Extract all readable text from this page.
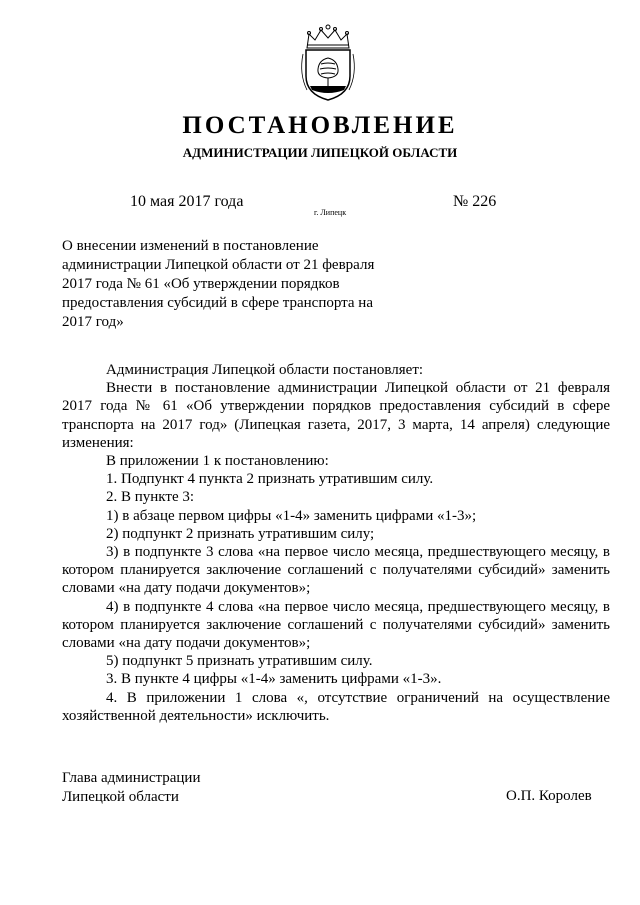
ПОСТАНОВЛЕНИЕ
АДМИНИСТРАЦИИ ЛИПЕЦКОЙ ОБЛАСТИ
10 мая 2017 года
г. Липецк
№ 226

О внесении изменений в постановление администрации Липецкой области от 21 февраля 2017 года № 61 «Об утверждении порядков предоставления субсидий в сфере транспорта на 2017 год»

Администрация Липецкой области постановляет:

Внести в постановление администрации Липецкой области от 21 февраля 2017 года № 61 «Об утверждении порядков предоставления субсидий в сфере транспорта на 2017 год» (Липецкая газета, 2017, 3 марта, 14 апреля) следующие изменения:

В приложении 1 к постановлению:

1. Подпункт 4 пункта 2 признать утратившим силу.

2. В пункте 3:

1) в абзаце первом цифры «1-4» заменить цифрами «1-3»;

2) подпункт 2 признать утратившим силу;

3) в подпункте 3 слова «на первое число месяца, предшествующего месяцу, в котором планируется заключение соглашений с получателями субсидий» заменить словами «на дату подачи документов»;

4) в подпункте 4 слова «на первое число месяца, предшествующего месяцу, в котором планируется заключение соглашений с получателями субсидий» заменить словами «на дату подачи документов»;

5) подпункт 5 признать утратившим силу.

3. В пункте 4 цифры «1-4» заменить цифрами «1-3».

4. В приложении 1 слова «, отсутствие ограничений на осуществление хозяйственной деятельности» исключить.

Глава администрации
Липецкой области	О.П. Королев
